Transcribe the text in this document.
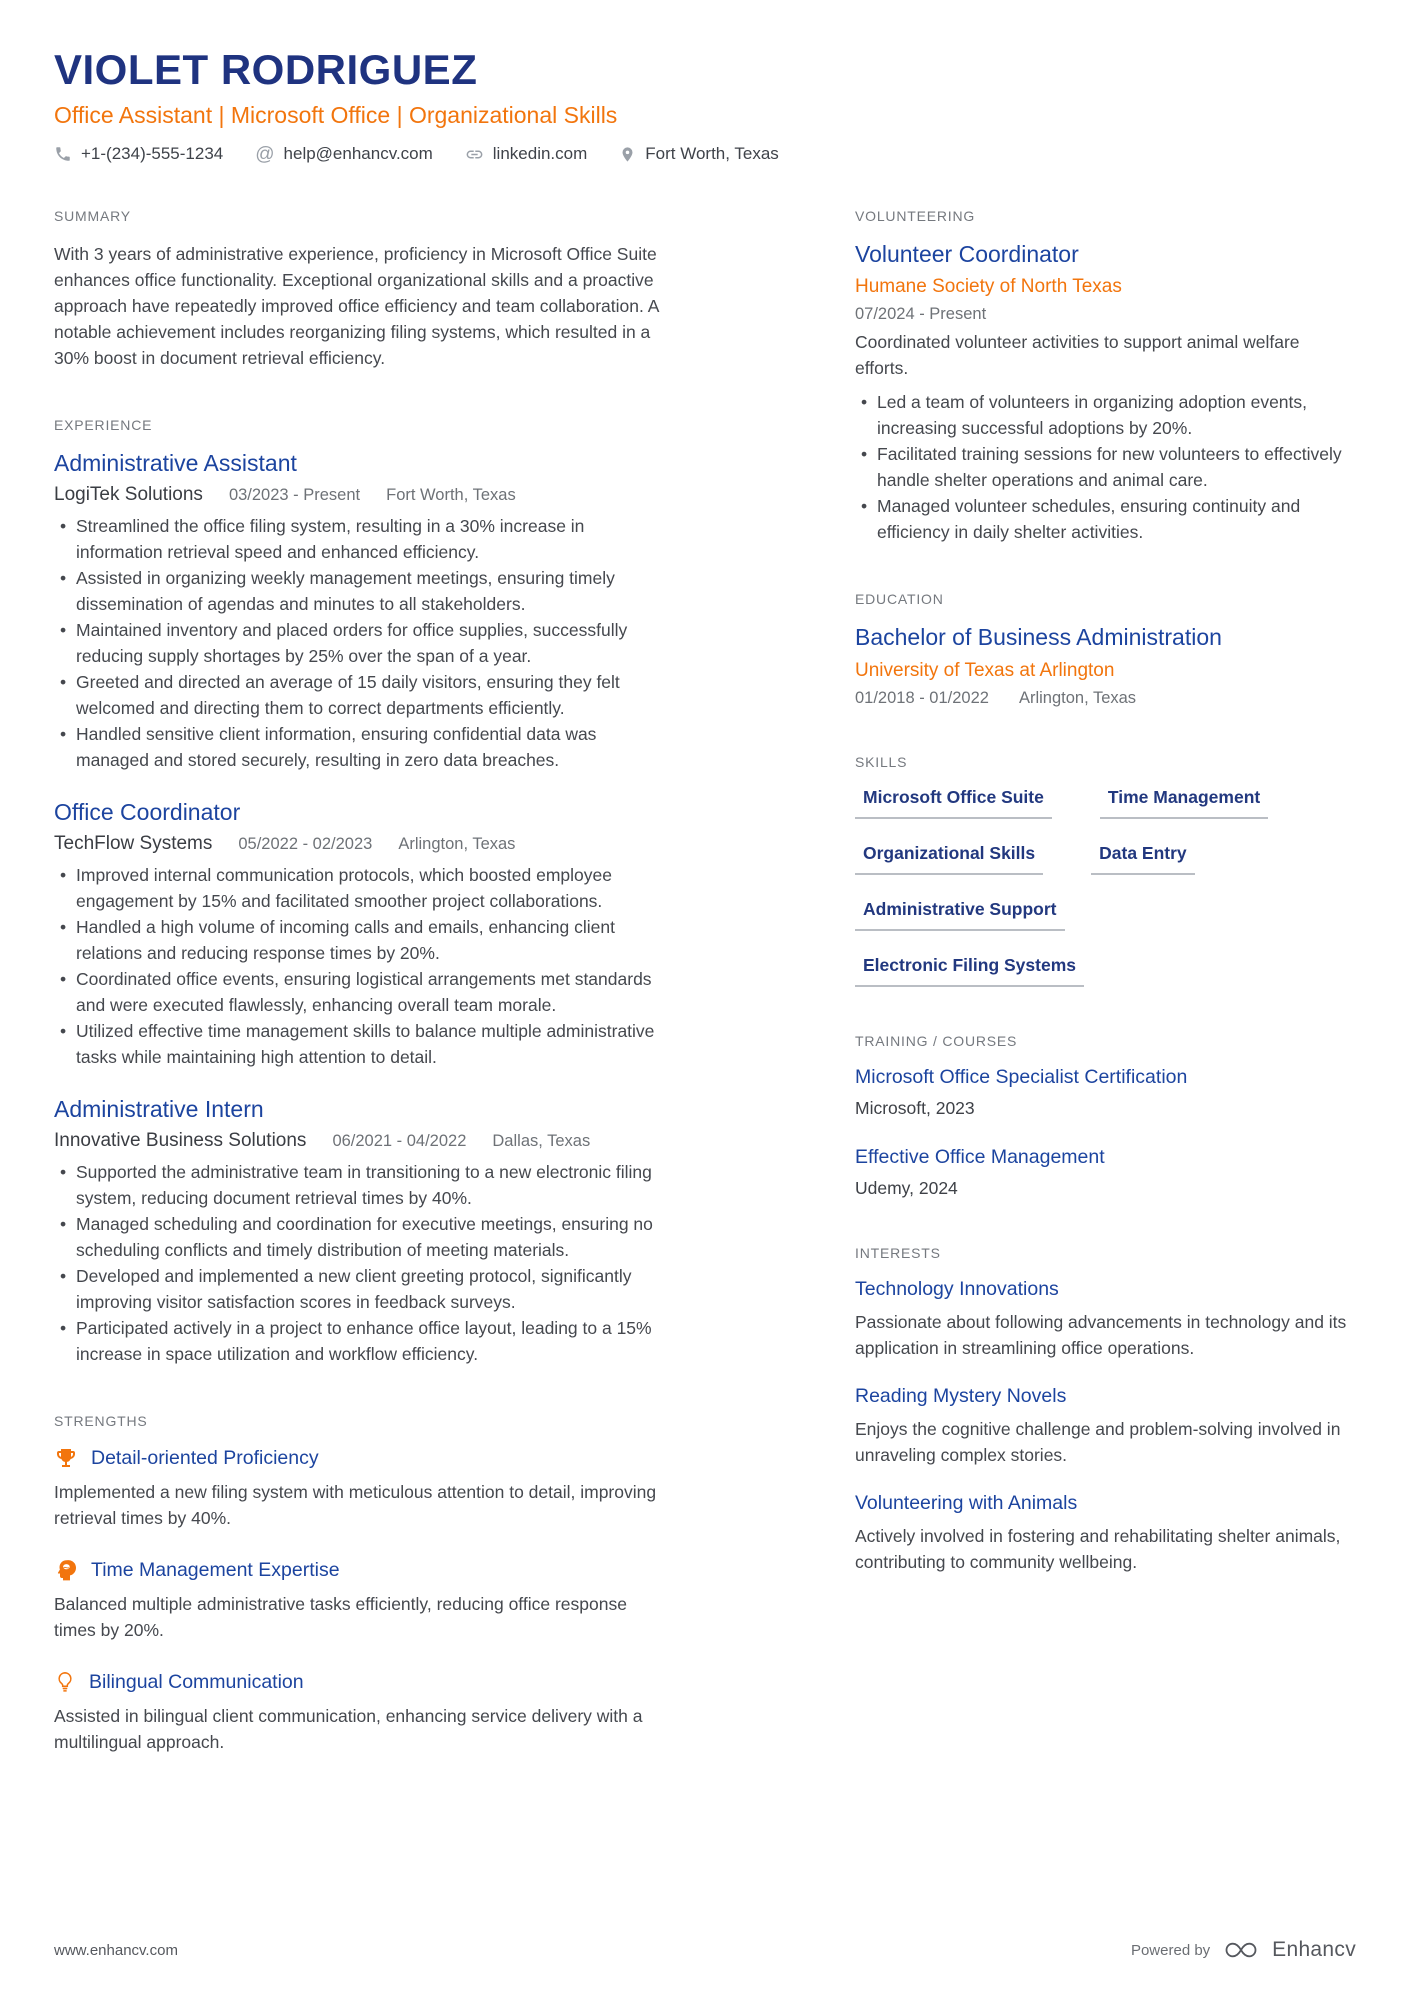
VIOLET RODRIGUEZ
Office Assistant | Microsoft Office | Organizational Skills
+1-(234)-555-1234 @ help@enhancv.com	linkedin.com	Fort Worth, Texas
SUMMARY
With 3 years of administrative experience, proficiency in Microsoft Office Suite enhances office functionality. Exceptional organizational skills and a proactive approach have repeatedly improved office efficiency and team collaboration. A notable achievement includes reorganizing filing systems, which resulted in a 30% boost in document retrieval efficiency.
EXPERIENCE
Administrative Assistant
LogiTek Solutions 03/2023 - Present Fort Worth, Texas
• Streamlined the office filing system, resulting in a 30% increase in information retrieval speed and enhanced efficiency.
• Assisted in organizing weekly management meetings, ensuring timely dissemination of agendas and minutes to all stakeholders.
• Maintained inventory and placed orders for office supplies, successfully reducing supply shortages by 25% over the span of a year.
• Greeted and directed an average of 15 daily visitors, ensuring they felt welcomed and directing them to correct departments efficiently.
• Handled sensitive client information, ensuring confidential data was managed and stored securely, resulting in zero data breaches.
Office Coordinator
TechFlow Systems 05/2022 - 02/2023 Arlington, Texas
• Improved internal communication protocols, which boosted employee engagement by 15% and facilitated smoother project collaborations.
• Handled a high volume of incoming calls and emails, enhancing client relations and reducing response times by 20%.
• Coordinated office events, ensuring logistical arrangements met standards and were executed flawlessly, enhancing overall team morale.
• Utilized effective time management skills to balance multiple administrative tasks while maintaining high attention to detail.
Administrative Intern
Innovative Business Solutions 06/2021 - 04/2022 Dallas, Texas
• Supported the administrative team in transitioning to a new electronic filing system, reducing document retrieval times by 40%.
• Managed scheduling and coordination for executive meetings, ensuring no scheduling conflicts and timely distribution of meeting materials.
• Developed and implemented a new client greeting protocol, significantly improving visitor satisfaction scores in feedback surveys.
• Participated actively in a project to enhance office layout, leading to a 15% increase in space utilization and workflow efficiency.
STRENGTHS
Detail-oriented Proficiency
Implemented a new filing system with meticulous attention to detail, improving retrieval times by 40%.
Time Management Expertise
Balanced multiple administrative tasks efficiently, reducing office response times by 20%.
Bilingual Communication
Assisted in bilingual client communication, enhancing service delivery with a multilingual approach.
VOLUNTEERING
Volunteer Coordinator
Humane Society of North Texas
07/2024 - Present
Coordinated volunteer activities to support animal welfare efforts.
• Led a team of volunteers in organizing adoption events, increasing successful adoptions by 20%.
• Facilitated training sessions for new volunteers to effectively handle shelter operations and animal care.
• Managed volunteer schedules, ensuring continuity and efficiency in daily shelter activities.
EDUCATION
Bachelor of Business Administration
University of Texas at Arlington
01/2018 - 01/2022 Arlington, Texas
SKILLS
Microsoft Office Suite	Time Management
Organizational Skills	Data Entry
Administrative Support
Electronic Filing Systems
TRAINING / COURSES
Microsoft Office Specialist Certification
Microsoft, 2023
Effective Office Management
Udemy, 2024
INTERESTS
Technology Innovations
Passionate about following advancements in technology and its application in streamlining office operations.
Reading Mystery Novels
Enjoys the cognitive challenge and problem-solving involved in unraveling complex stories.
Volunteering with Animals
Actively involved in fostering and rehabilitating shelter animals, contributing to community wellbeing.
www.enhancv.com	Powered by	Enhancv
